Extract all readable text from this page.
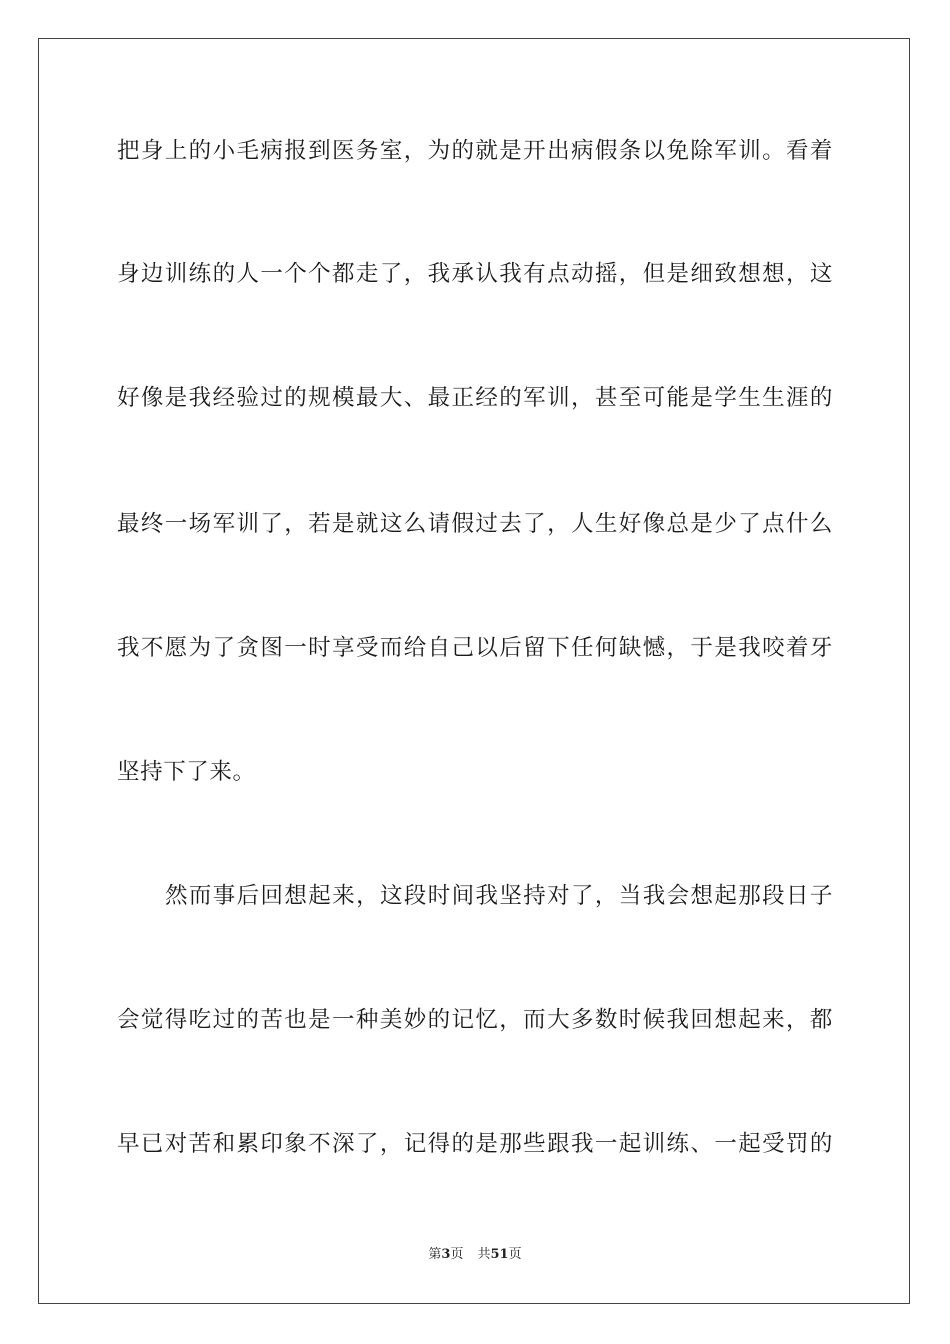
把身上的小毛病报到医务室，为的就是开出病假条以免除军训。看着
身边训练的人一个个都走了，我承认我有点动摇，但是细致想想，这
好像是我经验过的规模最大、最正经的军训，甚至可能是学生生涯的
最终一场军训了，若是就这么请假过去了，人生好像总是少了点什么
我不愿为了贪图一时享受而给自己以后留下任何缺憾，于是我咬着牙
坚持下了来。
然而事后回想起来，这段时间我坚持对了，当我会想起那段日子
会觉得吃过的苦也是一种美妙的记忆，而大多数时候我回想起来，都
早已对苦和累印象不深了，记得的是那些跟我一起训练、一起受罚的
第3页 共51页
